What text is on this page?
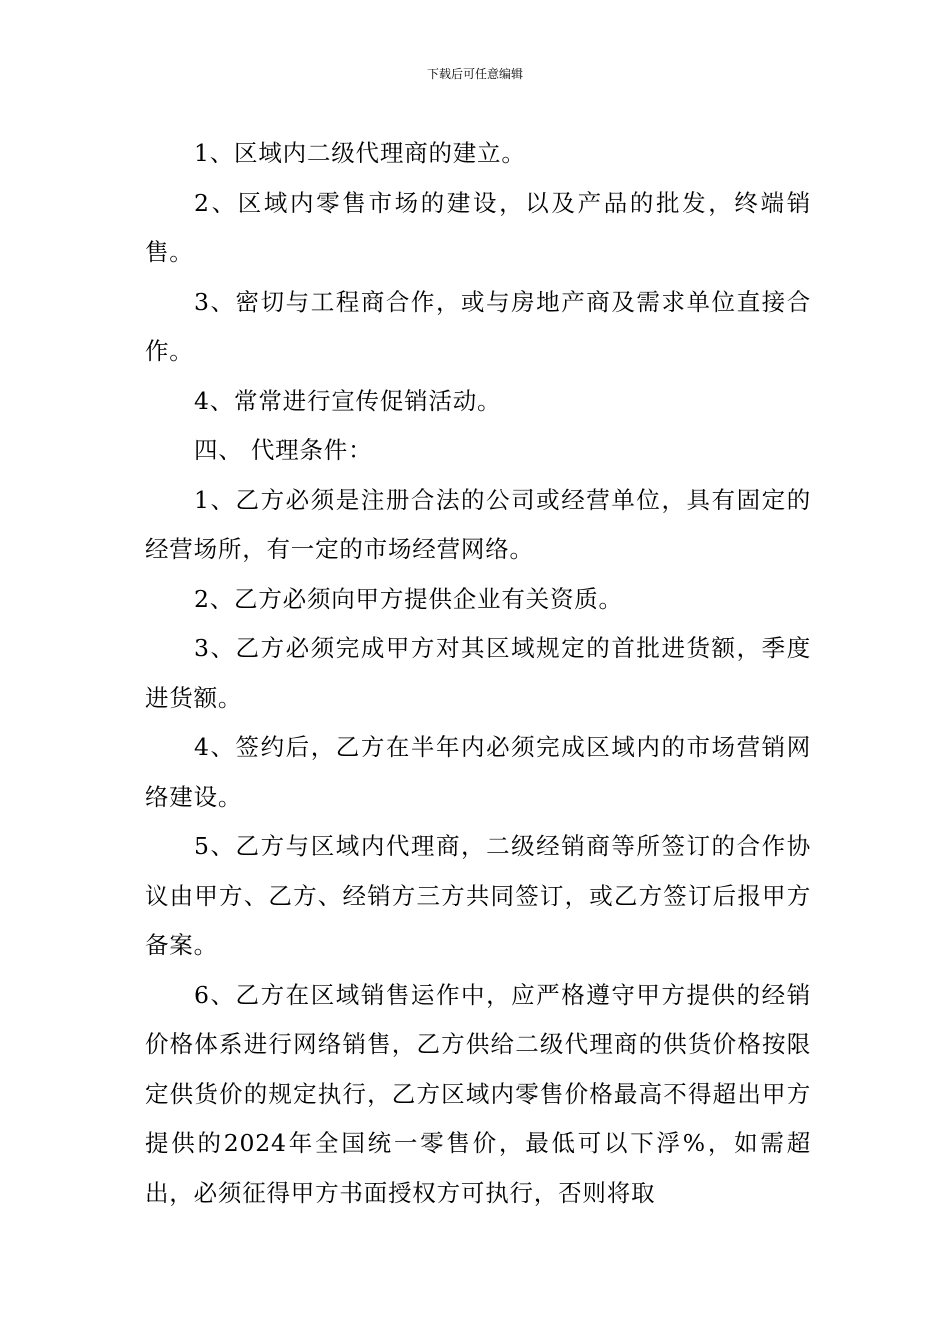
下载后可任意编辑

1、区域内二级代理商的建立。

2、区域内零售市场的建设，以及产品的批发，终端销售。

3、密切与工程商合作，或与房地产商及需求单位直接合作。

4、常常进行宣传促销活动。

四、 代理条件：

1、乙方必须是注册合法的公司或经营单位，具有固定的经营场所，有一定的市场经营网络。

2、乙方必须向甲方提供企业有关资质。

3、乙方必须完成甲方对其区域规定的首批进货额，季度进货额。

4、签约后，乙方在半年内必须完成区域内的市场营销网络建设。

5、乙方与区域内代理商，二级经销商等所签订的合作协议由甲方、乙方、经销方三方共同签订，或乙方签订后报甲方备案。

6、乙方在区域销售运作中，应严格遵守甲方提供的经销价格体系进行网络销售，乙方供给二级代理商的供货价格按限定供货价的规定执行，乙方区域内零售价格最高不得超出甲方提供的2024年全国统一零售价，最低可以下浮%，如需超出，必须征得甲方书面授权方可执行，否则将取
